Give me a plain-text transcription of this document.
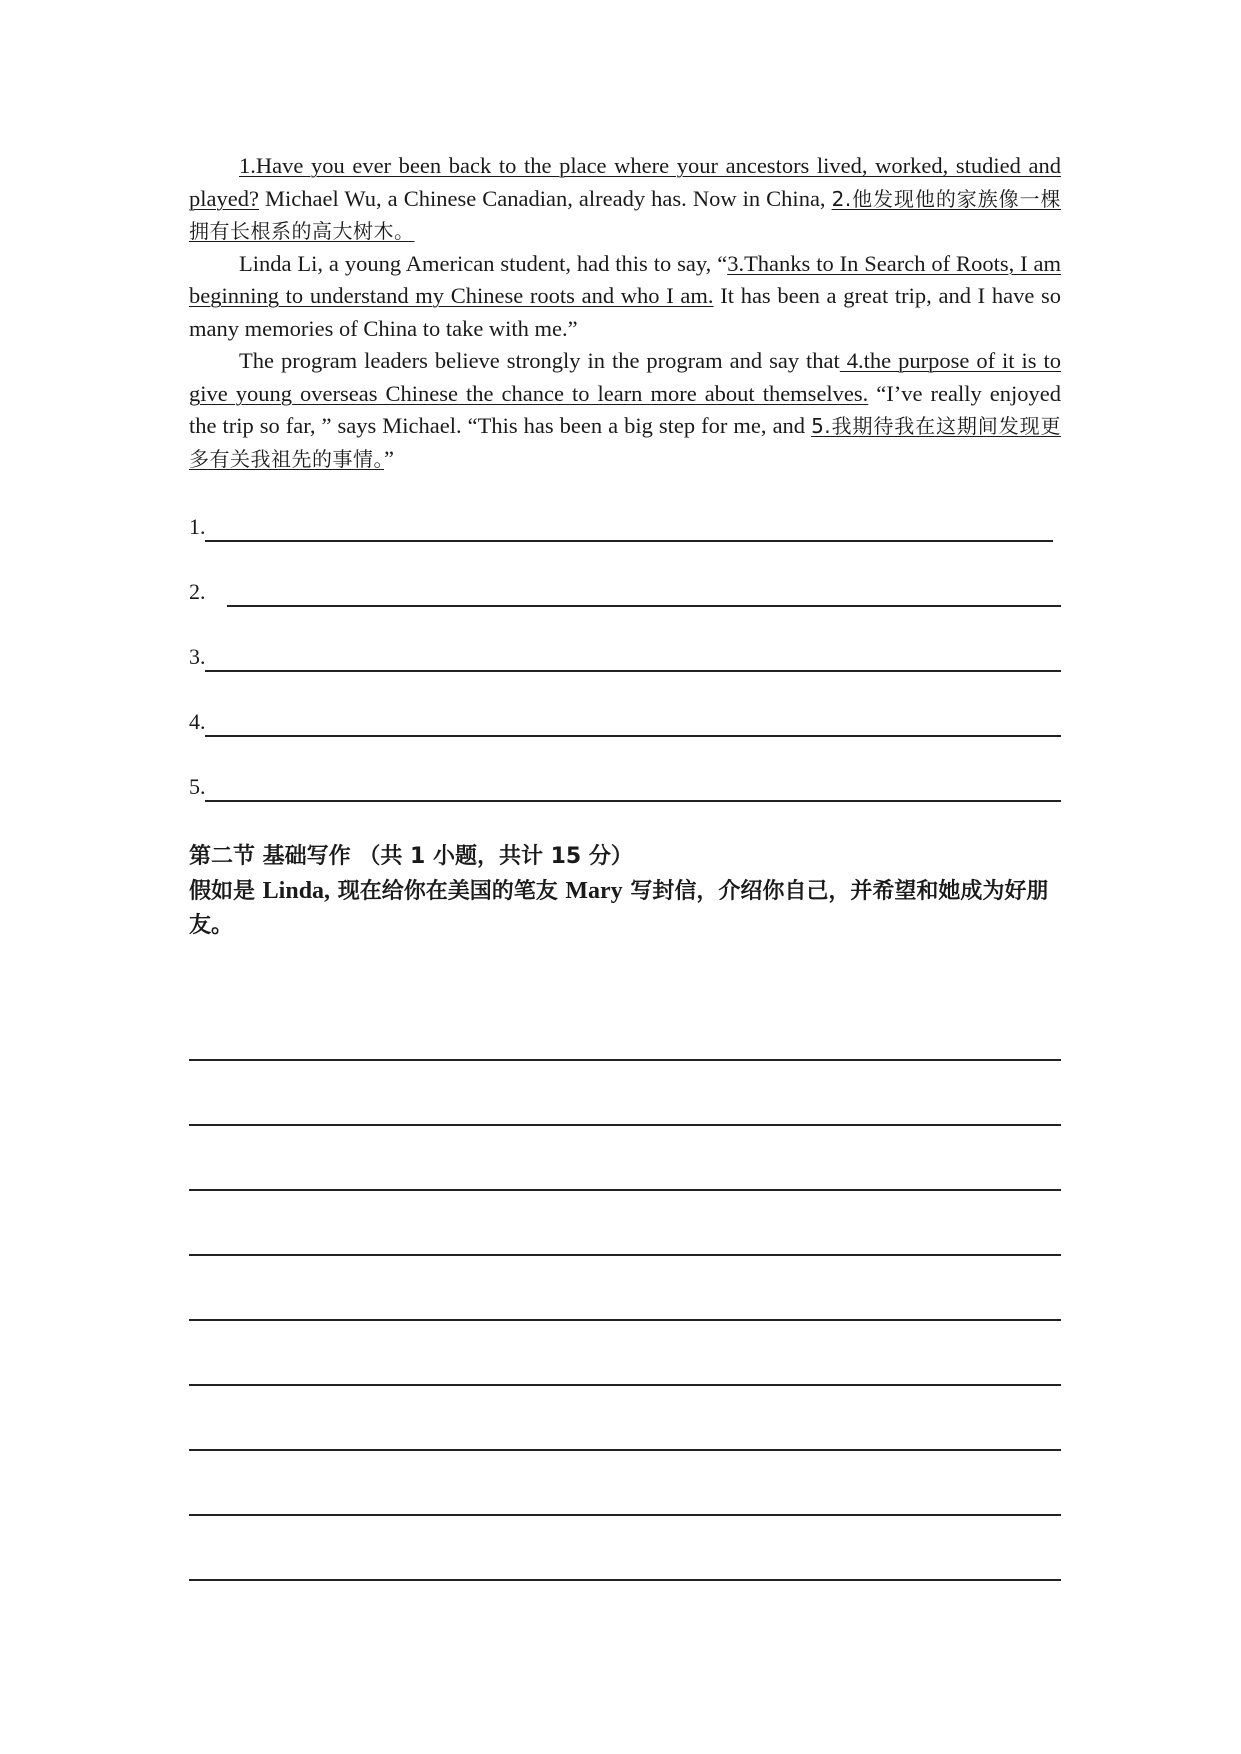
1.Have you ever been back to the place where your ancestors lived, worked, studied and played? Michael Wu, a Chinese Canadian, already has. Now in China, 2.他发现他的家族像一棵拥有长根系的高大树木。

Linda Li, a young American student, had this to say, “3.Thanks to In Search of Roots, I am beginning to understand my Chinese roots and who I am. It has been a great trip, and I have so many memories of China to take with me.”

The program leaders believe strongly in the program and say that 4.the purpose of it is to give young overseas Chinese the chance to learn more about themselves. “I’ve really enjoyed the trip so far, ” says Michael. “This has been a big step for me, and 5.我期待我在这期间发现更多有关我祖先的事情。”

1.
2.
3.
4.
5.
第二节 基础写作 （共 1 小题，共计 15 分）
假如是 Linda, 现在给你在美国的笔友 Mary 写封信，介绍你自己，并希望和她成为好朋友。
